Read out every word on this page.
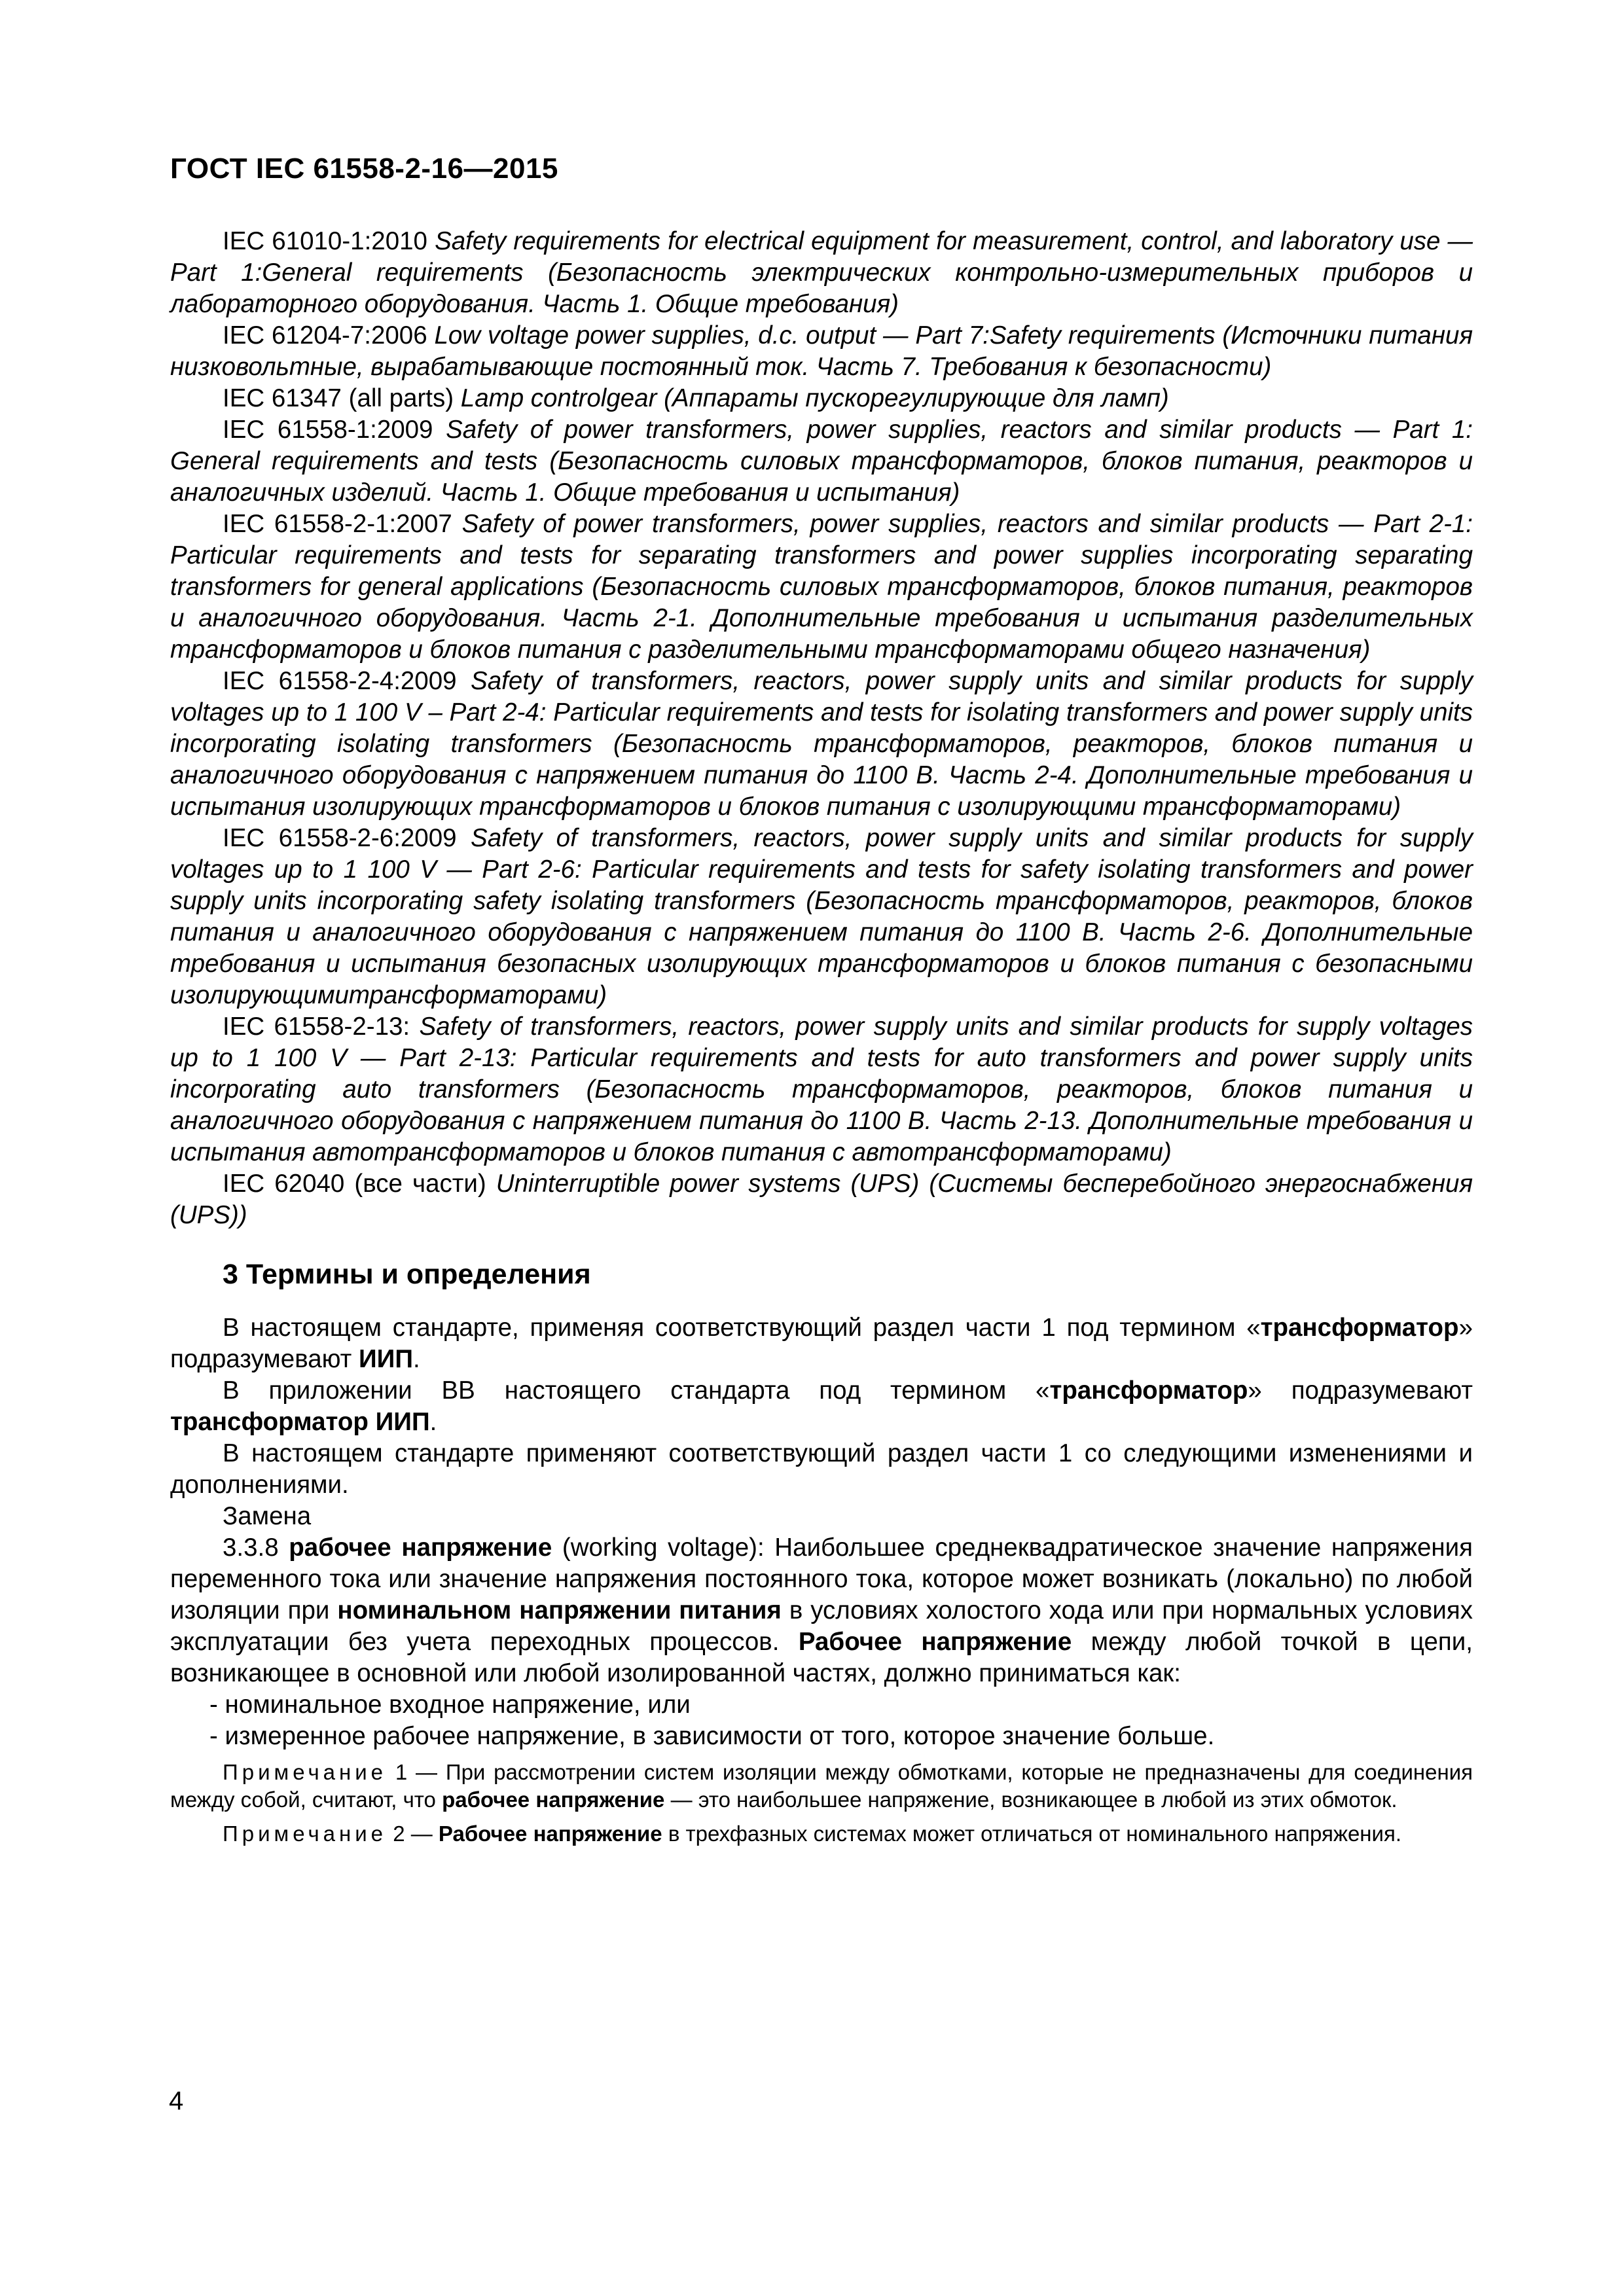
ГОСТ IEC 61558-2-16—2015

IEC 61010-1:2010 Safety requirements for electrical equipment for measurement, control, and laboratory use — Part 1:General requirements (Безопасность электрических контрольно-измерительных приборов и лабораторного оборудования. Часть 1. Общие требования)

IEC 61204-7:2006 Low voltage power supplies, d.c. output — Part 7:Safety requirements (Источники питания низковольтные, вырабатывающие постоянный ток. Часть 7. Требования к безопасности)

IEC 61347 (all parts) Lamp controlgear (Аппараты пускорегулирующие для ламп)

IEC 61558-1:2009 Safety of power transformers, power supplies, reactors and similar products — Part 1: General requirements and tests (Безопасность силовых трансформаторов, блоков питания, реакторов и аналогичных изделий. Часть 1. Общие требования и испытания)

IEC 61558-2-1:2007 Safety of power transformers, power supplies, reactors and similar products — Part 2-1: Particular requirements and tests for separating transformers and power supplies incorporating separating transformers for general applications (Безопасность силовых трансформаторов, блоков питания, реакторов и аналогичного оборудования. Часть 2-1. Дополнительные требования и испытания разделительных трансформаторов и блоков питания с разделительными трансформаторами общего назначения)

IEC 61558-2-4:2009 Safety of transformers, reactors, power supply units and similar products for supply voltages up to 1 100 V – Part 2-4: Particular requirements and tests for isolating transformers and power supply units incorporating isolating transformers (Безопасность трансформаторов, реакторов, блоков питания и аналогичного оборудования с напряжением питания до 1100 В. Часть 2-4. Дополнительные требования и испытания изолирующих трансформаторов и блоков питания с изолирующими трансформаторами)

IEC 61558-2-6:2009 Safety of transformers, reactors, power supply units and similar products for supply voltages up to 1 100 V — Part 2-6: Particular requirements and tests for safety isolating transformers and power supply units incorporating safety isolating transformers (Безопасность трансформаторов, реакторов, блоков питания и аналогичного оборудования с напряжением питания до 1100 В. Часть 2-6. Дополнительные требования и испытания безопасных изолирующих трансформаторов и блоков питания с безопасными изолирующимитрансформаторами)

IEC 61558-2-13: Safety of transformers, reactors, power supply units and similar products for supply voltages up to 1 100 V — Part 2-13: Particular requirements and tests for auto transformers and power supply units incorporating auto transformers (Безопасность трансформаторов, реакторов, блоков питания и аналогичного оборудования с напряжением питания до 1100 В. Часть 2-13. Дополнительные требования и испытания автотрансформаторов и блоков питания с автотрансформаторами)

IEC 62040 (все части) Uninterruptible power systems (UPS) (Системы бесперебойного энергоснабжения (UPS))

3 Термины и определения

В настоящем стандарте, применяя соответствующий раздел части 1 под термином «трансформатор» подразумевают ИИП.

В приложении ВВ настоящего стандарта под термином «трансформатор» подразумевают трансформатор ИИП.

В настоящем стандарте применяют соответствующий раздел части 1 со следующими изменениями и дополнениями.

Замена

3.3.8 рабочее напряжение (working voltage): Наибольшее среднеквадратическое значение напряжения переменного тока или значение напряжения постоянного тока, которое может возникать (локально) по любой изоляции при номинальном напряжении питания в условиях холостого хода или при нормальных условиях эксплуатации без учета переходных процессов. Рабочее напряжение между любой точкой в цепи, возникающее в основной или любой изолированной частях, должно приниматься как:

- номинальное входное напряжение, или

- измеренное рабочее напряжение, в зависимости от того, которое значение больше.

Примечание 1 — При рассмотрении систем изоляции между обмотками, которые не предназначены для соединения между собой, считают, что рабочее напряжение — это наибольшее напряжение, возникающее в любой из этих обмоток.

Примечание 2 — Рабочее напряжение в трехфазных системах может отличаться от номинального напряжения.

4
